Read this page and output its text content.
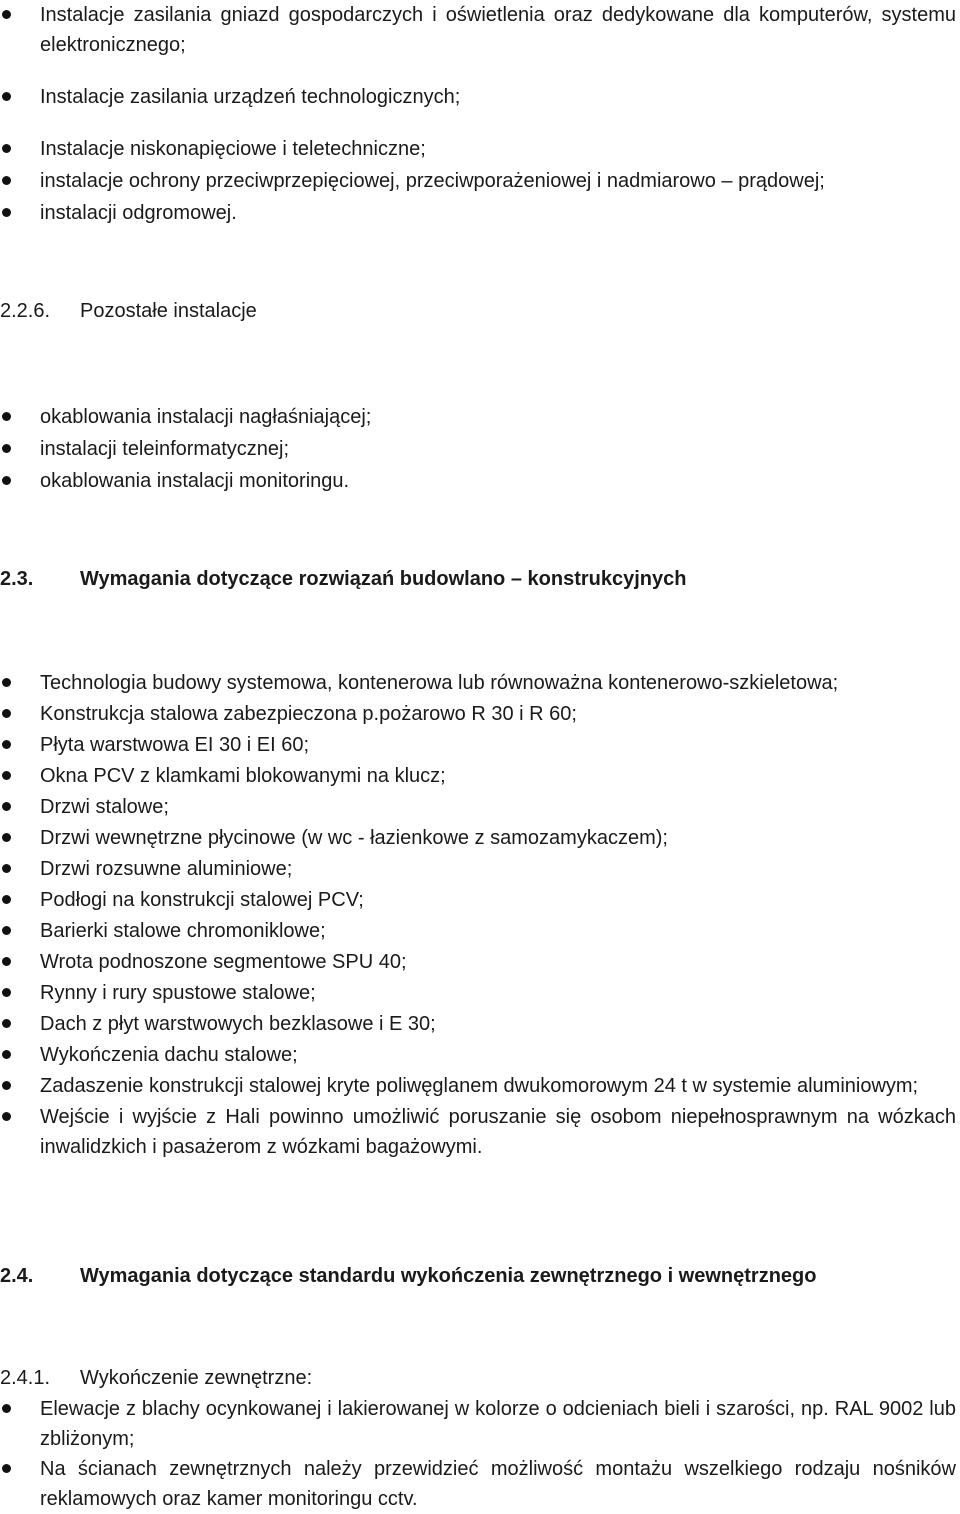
Instalacje zasilania gniazd gospodarczych i oświetlenia oraz dedykowane dla komputerów, systemu elektronicznego;
Instalacje zasilania urządzeń technologicznych;
Instalacje niskonapięciowe i teletechniczne;
instalacje ochrony przeciwprzepięciowej, przeciwporażeniowej i nadmiarowo – prądowej;
instalacji odgromowej.
2.2.6.	Pozostałe instalacje
okablowania instalacji nagłaśniającej;
instalacji teleinformatycznej;
okablowania instalacji monitoringu.
2.3.	Wymagania dotyczące rozwiązań budowlano – konstrukcyjnych
Technologia budowy systemowa, kontenerowa lub równoważna kontenerowo-szkieletowa;
Konstrukcja stalowa zabezpieczona p.pożarowo R 30 i R 60;
Płyta warstwowa EI 30 i EI 60;
Okna PCV z klamkami blokowanymi na klucz;
Drzwi stalowe;
Drzwi wewnętrzne płycinowe (w wc - łazienkowe z samozamykaczem);
Drzwi rozsuwne aluminiowe;
Podłogi na konstrukcji stalowej PCV;
Barierki stalowe chromoniklowe;
Wrota podnoszone segmentowe SPU 40;
Rynny i rury spustowe stalowe;
Dach z płyt warstwowych bezklasowe i E 30;
Wykończenia dachu stalowe;
Zadaszenie konstrukcji stalowej kryte poliwęglanem dwukomorowym 24 t w systemie aluminiowym;
Wejście i wyjście z Hali powinno umożliwić poruszanie się osobom niepełnosprawnym na wózkach inwalidzkich i pasażerom z wózkami bagażowymi.
2.4.	Wymagania dotyczące standardu wykończenia zewnętrznego i wewnętrznego
2.4.1.	Wykończenie zewnętrzne:
Elewacje z blachy ocynkowanej i lakierowanej w kolorze o odcieniach bieli i szarości, np. RAL 9002 lub zbliżonym;
Na ścianach zewnętrznych należy przewidzieć możliwość montażu wszelkiego rodzaju nośników reklamowych oraz kamer monitoringu cctv.
